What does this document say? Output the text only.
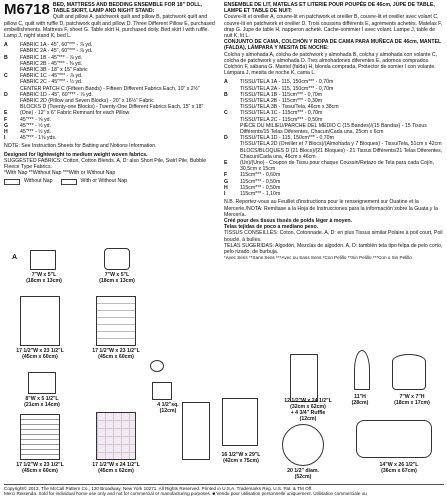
M6718 BED, MATTRESS AND BEDDING ENSEMBLE FOR 18" DOLL, TABLE SKIRT, LAMP AND NIGHT STAND:
Quilt and pillow A, patchwork quilt and pillow B, patchwork quilt and pillow C, quilt with ruffle D, patchwork quilt and pillow D. Three Different Pillow E, purchased embellishments. Mattress F, sheet G. Table skirt H, purchased doily. Bed skirt I with ruffle. Lamp J, night stand K, bed L.
A	FABRIC 1A - 45", 60"*** - ⅞ yd.
FABRIC 2A - 45", 60"*** - ⅞ yd.
B	FABRIC 1B - 45"*** - ⅞ yd.
FABRIC 2B - 45"*** - ⅜ yd.
FABRIC 3B - 18" x 15" Fabric
C	FABRIC 1C - 45"*** - ⅞ yd.
FABRIC 2C - 45"*** - ½ yd.
CENTER PATCH C (Fifteen Bands) - Fifteen Different Fabrics Each, 10" x 2½"
D	FABRIC 1D - 45", 60"*** - ⅞ yd.
FABRIC 2D (Pillow and Seven Blocks) - 20" x 16½" Fabric
BLOCKS D (Twenty-one Blocks) - Twenty-One Different Fabrics Each, 15" x 18"
E	(One) - 12" x 6" Fabric Remnant for each Pillow
F	45"*** - ⅝ yd.
G	45"*** - ½ yd.
H	45"*** - ½ yd.
I	45"*** - 1⅝ yds.
NOTE: See Instruction Sheets for Batting and Notions Information.
Designed for lightweight to medium weight woven fabrics.
SUGGESTED FABRICS: Cotton, Cotton Blends. A, D: also Short Pile, Swirl Pile, Bubble Fleece Type Fabrics.
*With Nap **Without Nap ***With or Without Nap
Without Nap	With or Without Nap
ENSEMBLE DE LIT, MATELAS ET LITERIE POUR POUPÉE DE 46cm, JUPE DE TABLE, LAMPE ET TABLE DE NUIT:
Couvre-lit et oreiller A, couvre-lit en patchwork et oreiller B, couvre-lit et oreiller avec volant C, couvre-lit en patchwork et oreiller D. Trois coussins différents E, agréments achetés. Matelas F, drap G. Jupe de table H, napperon acheté. Cache-sommier I avec volant. Lampe J, table de nuit K, lit L.
CONJUNTO DE CAMA, COLCHÓN Y ROPA DE CAMA PARA MUÑECA DE 46cm, MANTEL (FALDA), LÁMPARA Y MESITA DE NOCHE:
Colcha y almohada A, colcha de patchwork y almohada B, colcha y almohada con volante C, colcha de patchwork y almohada D. Tres almohadones diferentes E, adornos comprados. Colchón F, sábana G. Mantel (falda) H, blonda comprada. Protector de somier I con volante. Lámpara J, mesita de noche K, cama L.
A	TISSU/TELA 1A - 115, 150cm*** - 0,70m
TISSU/TELA 2A - 115, 150cm*** - 0,70m
B	TISSU/TELA 1B - 115cm*** - 0,70m
TISSU/TELA 2B - 115cm*** - 0,30m
TISSU/TELA 3B - Tissu/Tela, 46cm x 38cm
C	TISSU/TELA 1C - 115cm*** - 0,70m
TISSU/TELA 2C - 115cm*** - 0,50m
PIÈCE DU MILIEU/PARCHE DEL MEDIO C (15 Bandes)/(15 Bandas) - 15 Tissus Différents/15 Telas Diferentes, Chacun/Cada una, 25cm x 6cm
D	TISSU/TELA 1D - 115, 150cm*** - 0,70m
TISSU/TELA 2D (Oreiller et 7 Blocs)/(Almohada y 7 Bloques) - Tissu/Tela, 51cm x 42cm
BLOCS/BLOQUES D (21 Blocs)/(21 Bloques) - 21 Tissus Différents/21 Telas Diferentes, Chacun/Cada una, 46cm x 46cm
E	(Un)/(Uno) - Coupon de Tissu pour chaque Coussin/Retazo de Tela para cada Cojín, 30,5cm x 15cm
F	115cm*** - 0,60m
G	115cm*** - 0,50m
H	115cm*** - 0,50m
I	115cm*** - 1,10m
N.B. Reportez-vous au Feuillet d'instructions pour le renseignement sur Ouatine et la Mercerie./NOTA: Remítase a la Hoja de Instrucciones para la información sobre la Guata y la Mercería.
Créé pour des tissus tissés de poids léger à moyen.
Telas tejidas de poco a mediano peso.
TISSUS CONSEILLÉS: Coton, Cotonnade. A, D: en plus Tissus similar Polaire à poil court, Poil bouclé, à bulles.
TELAS SUGERIDAS: Algodón, Mezclas de algodón. A, D: también tela tipo felpa de pelo corto, pelo rizado, de burbuja.
*Avec Sens **Sans Sens ***Avec ou Sans Sens *Con Pelillo **Sin Pelillo ***Con o Sin Pelillo
A
7"W x 5"L
(18cm x 13cm)
7"W x 5"L
(18cm x 13cm)
17 1/2"W x 23 1/2"L
(45cm x 60cm)
17 1/2"W x 23 1/2"L
(45cm x 60cm)
8"W x 5 1/2"L
(21cm x 14cm)
17 1/2"W x 23 1/2"L
(45cm x 60cm)
17 1/2"W x 24 1/2"L
(45cm x 62cm)
4 1/2"sq.
(12cm)
16 1/2"W x 29"L
(42cm x 75cm)
20 1/2" diam.
(52cm)
12 1/2"W x 24 1/2"L
(32cm x 62cm)
+ 4 3/4" Ruffle
(12cm)
11"H
(28cm)
7"W x 7"H
(18cm x 17cm)
14"W x 26 1/2"L
(36cm x 67cm)
Copyright© 2013, The McCall Pattern Co., 120 Broadway, New York 10271. All Rights Reserved. Printed in U.S.A. Trademarks Reg. U.S. Pat. & TM Off.
Merci Reisenda. Sold for individual home use only and not for commercial or manufacturing purposes. ■ Vendu pour utilisation personnelle uniquement. Utilisation commerciale ou
